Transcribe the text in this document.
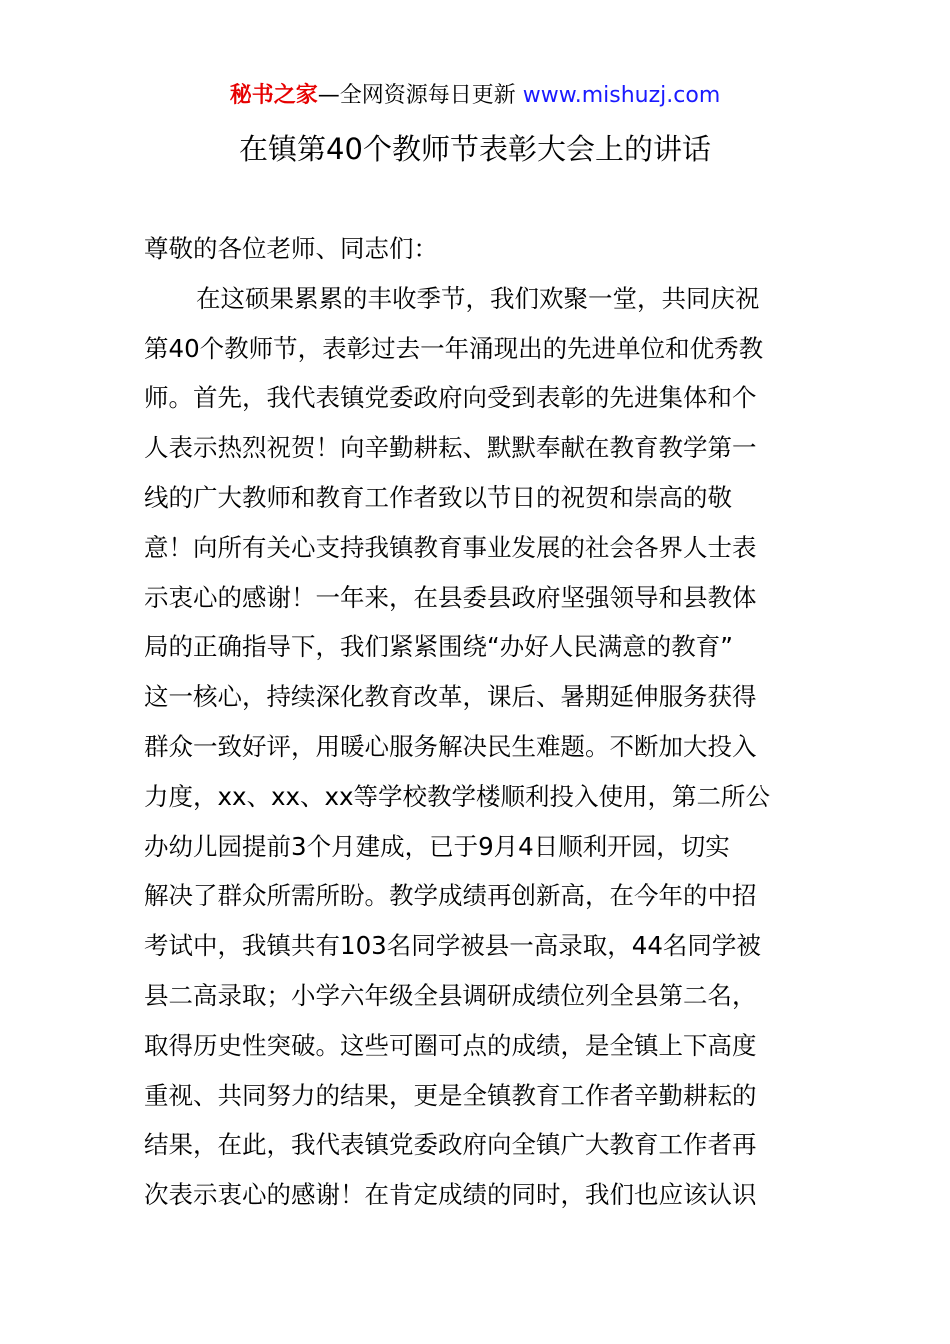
秘书之家—全网资源每日更新 www.mishuzj.com
在镇第40个教师节表彰大会上的讲话
尊敬的各位老师、同志们：
在这硕果累累的丰收季节，我们欢聚一堂，共同庆祝
第40个教师节，表彰过去一年涌现出的先进单位和优秀教
师。首先，我代表镇党委政府向受到表彰的先进集体和个
人表示热烈祝贺！向辛勤耕耘、默默奉献在教育教学第一
线的广大教师和教育工作者致以节日的祝贺和崇高的敬
意！向所有关心支持我镇教育事业发展的社会各界人士表
示衷心的感谢！一年来，在县委县政府坚强领导和县教体
局的正确指导下，我们紧紧围绕“办好人民满意的教育”
这一核心，持续深化教育改革，课后、暑期延伸服务获得
群众一致好评，用暖心服务解决民生难题。不断加大投入
力度，xx、xx、xx等学校教学楼顺利投入使用，第二所公
办幼儿园提前3个月建成，已于9月4日顺利开园，切实
解决了群众所需所盼。教学成绩再创新高，在今年的中招
考试中，我镇共有103名同学被县一高录取，44名同学被
县二高录取；小学六年级全县调研成绩位列全县第二名，
取得历史性突破。这些可圈可点的成绩，是全镇上下高度
重视、共同努力的结果，更是全镇教育工作者辛勤耕耘的
结果，在此，我代表镇党委政府向全镇广大教育工作者再
次表示衷心的感谢！在肯定成绩的同时，我们也应该认识
